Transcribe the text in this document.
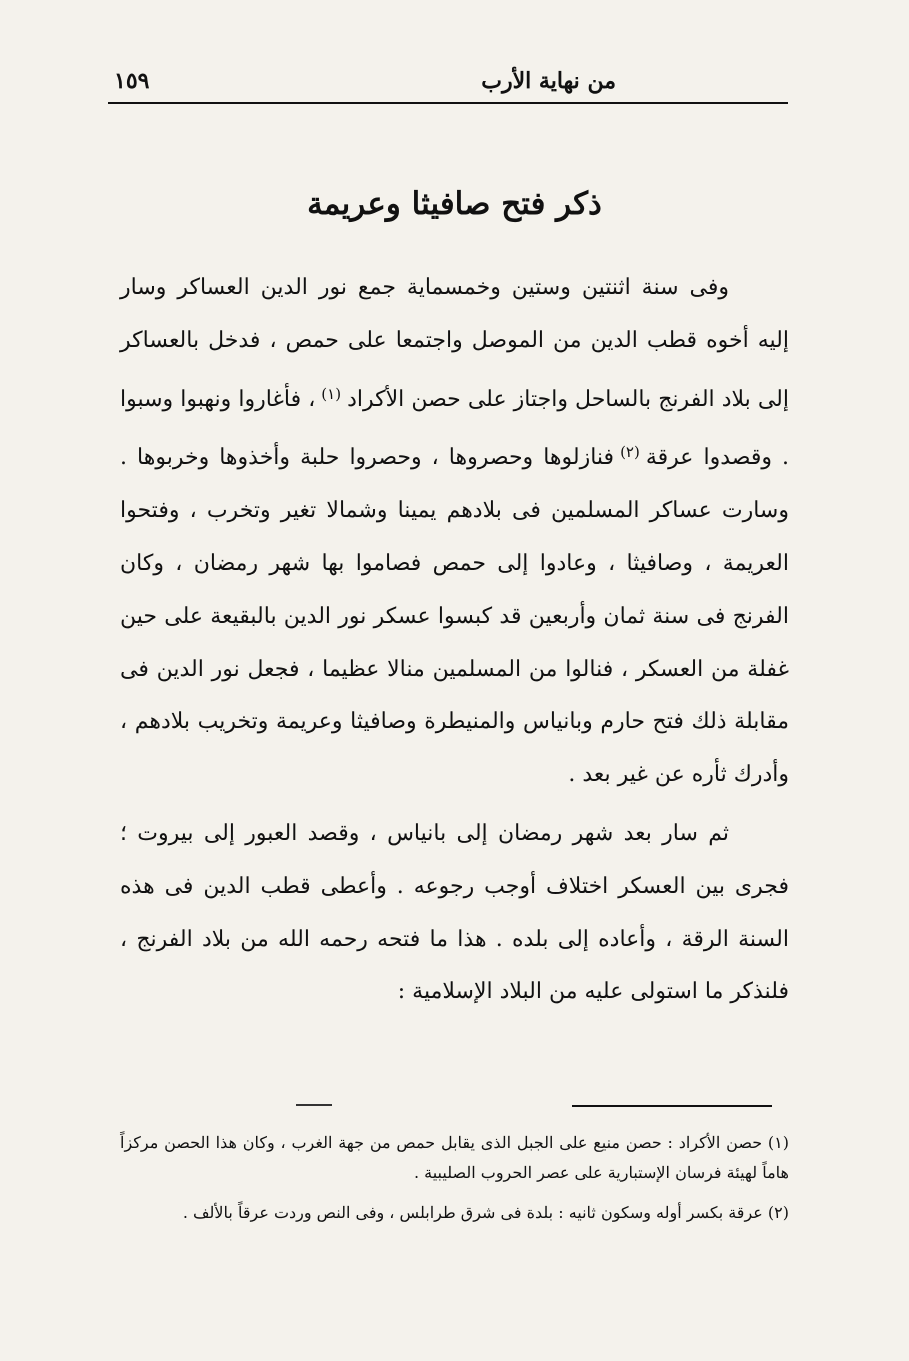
١٥٩	من نهاية الأرب
ذكر فتح صافيثا وعريمة

وفى سنة اثنتين وستين وخمسماية جمع نور الدين العساكر وسار إليه أخوه قطب الدين من الموصل واجتمعا على حمص ، فدخل بالعساكر إلى بلاد الفرنج بالساحل واجتاز على حصن الأكراد$^{(١)}$، فأغاروا ونهبوا وسبوا . وقصدوا عرقة$^{(٢)}$فنازلوها وحصروها ، وحصروا حلبة وأخذوها وخربوها . وسارت عساكر المسلمين فى بلادهم يمينا وشمالا تغير وتخرب ، وفتحوا العريمة ، وصافيثا ، وعادوا إلى حمص فصاموا بها شهر رمضان ، وكان الفرنج فى سنة ثمان وأربعين قد كبسوا عسكر نور الدين بالبقيعة على حين غفلة من العسكر ، فنالوا من المسلمين منالا عظيما ، فجعل نور الدين فى مقابلة ذلك فتح حارم وبانياس والمنيطرة وصافيثا وعريمة وتخريب بلادهم ، وأدرك ثأره عن غير بعد .

ثم سار بعد شهر رمضان إلى بانياس ، وقصد العبور إلى بيروت ؛ فجرى بين العسكر اختلاف أوجب رجوعه . وأعطى قطب الدين فى هذه السنة الرقة ، وأعاده إلى بلده . هذا ما فتحه رحمه الله من بلاد الفرنج ، فلنذكر ما استولى عليه من البلاد الإسلامية :

(١) حصن الأكراد : حصن منيع على الجبل الذى يقابل حمص من جهة الغرب ، وكان هذا الحصن مركزاً هاماً لهيئة فرسان الإستبارية على عصر الحروب الصليبية .

(٢) عرقة بكسر أوله وسكون ثانيه : بلدة فى شرق طرابلس ، وفى النص وردت عرقاً بالألف .
